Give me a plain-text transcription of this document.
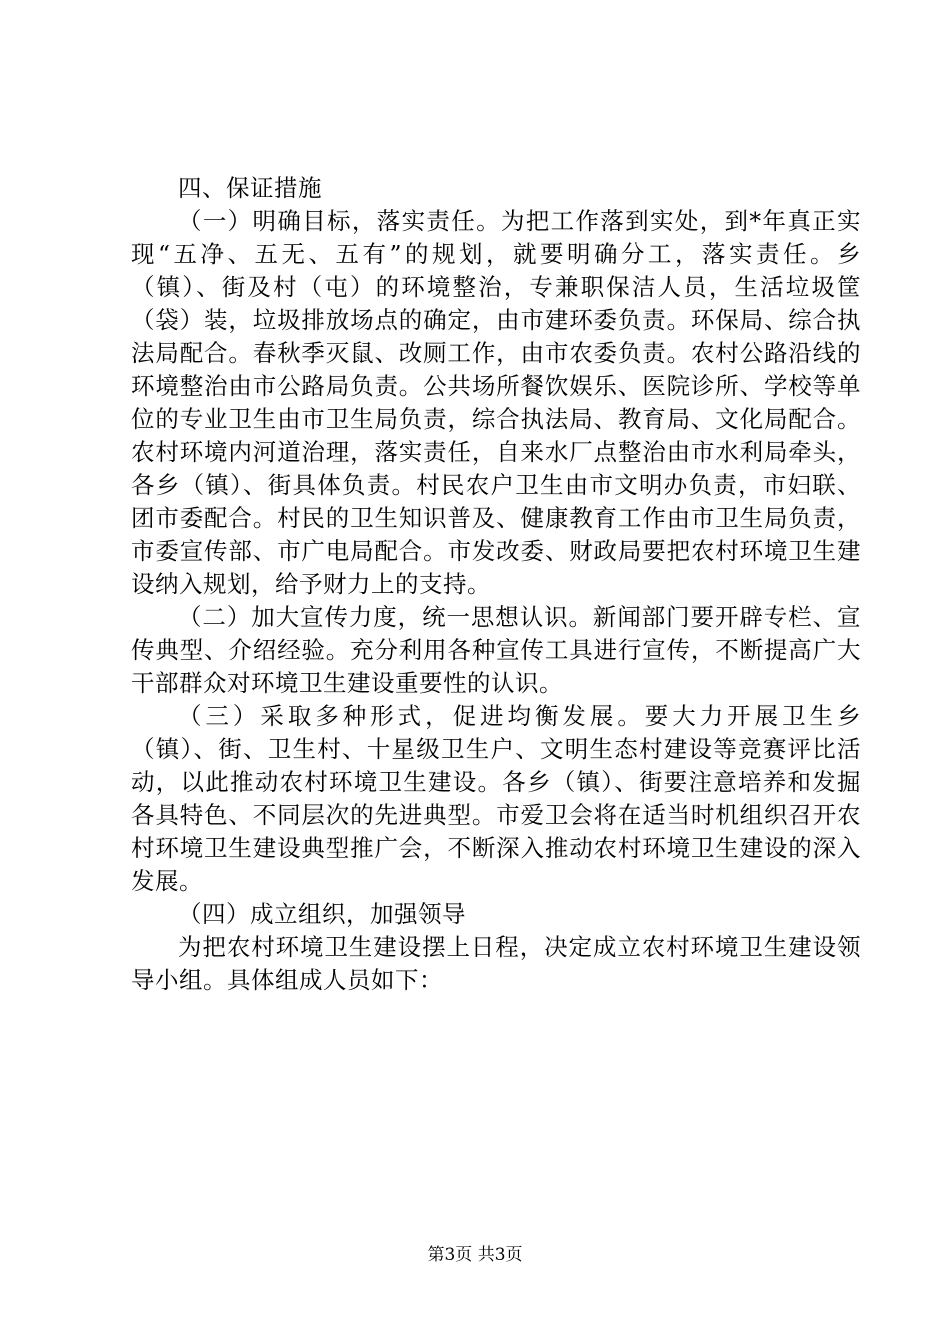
四、保证措施

（一）明确目标，落实责任。为把工作落到实处，到*年真正实现“五净、五无、五有”的规划，就要明确分工，落实责任。乡（镇）、街及村（屯）的环境整治，专兼职保洁人员，生活垃圾筐（袋）装，垃圾排放场点的确定，由市建环委负责。环保局、综合执法局配合。春秋季灭鼠、改厕工作，由市农委负责。农村公路沿线的环境整治由市公路局负责。公共场所餐饮娱乐、医院诊所、学校等单位的专业卫生由市卫生局负责，综合执法局、教育局、文化局配合。农村环境内河道治理，落实责任，自来水厂点整治由市水利局牵头，各乡（镇）、街具体负责。村民农户卫生由市文明办负责，市妇联、团市委配合。村民的卫生知识普及、健康教育工作由市卫生局负责，市委宣传部、市广电局配合。市发改委、财政局要把农村环境卫生建设纳入规划，给予财力上的支持。

（二）加大宣传力度，统一思想认识。新闻部门要开辟专栏、宣传典型、介绍经验。充分利用各种宣传工具进行宣传，不断提高广大干部群众对环境卫生建设重要性的认识。

（三）采取多种形式，促进均衡发展。要大力开展卫生乡（镇）、街、卫生村、十星级卫生户、文明生态村建设等竞赛评比活动，以此推动农村环境卫生建设。各乡（镇）、街要注意培养和发掘各具特色、不同层次的先进典型。市爱卫会将在适当时机组织召开农村环境卫生建设典型推广会，不断深入推动农村环境卫生建设的深入发展。

（四）成立组织，加强领导

为把农村环境卫生建设摆上日程，决定成立农村环境卫生建设领导小组。具体组成人员如下：

第3页 共3页
